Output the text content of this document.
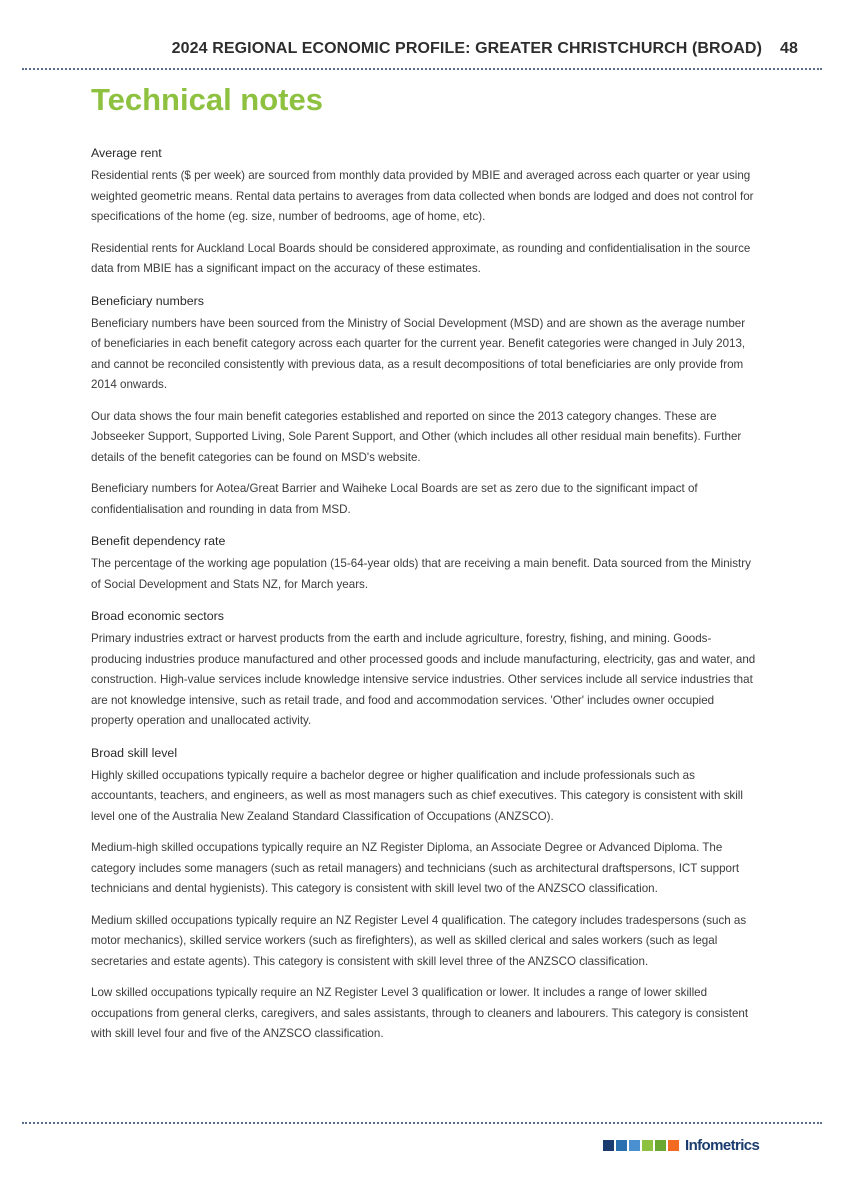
2024 REGIONAL ECONOMIC PROFILE: GREATER CHRISTCHURCH (BROAD) 48
Technical notes
Average rent

Residential rents ($ per week) are sourced from monthly data provided by MBIE and averaged across each quarter or year using weighted geometric means. Rental data pertains to averages from data collected when bonds are lodged and does not control for specifications of the home (eg. size, number of bedrooms, age of home, etc).

Residential rents for Auckland Local Boards should be considered approximate, as rounding and confidentialisation in the source data from MBIE has a significant impact on the accuracy of these estimates.

Beneficiary numbers

Beneficiary numbers have been sourced from the Ministry of Social Development (MSD) and are shown as the average number of beneficiaries in each benefit category across each quarter for the current year. Benefit categories were changed in July 2013, and cannot be reconciled consistently with previous data, as a result decompositions of total beneficiaries are only provide from 2014 onwards.

Our data shows the four main benefit categories established and reported on since the 2013 category changes. These are Jobseeker Support, Supported Living, Sole Parent Support, and Other (which includes all other residual main benefits). Further details of the benefit categories can be found on MSD's website.

Beneficiary numbers for Aotea/Great Barrier and Waiheke Local Boards are set as zero due to the significant impact of confidentialisation and rounding in data from MSD.

Benefit dependency rate

The percentage of the working age population (15-64-year olds) that are receiving a main benefit. Data sourced from the Ministry of Social Development and Stats NZ, for March years.

Broad economic sectors

Primary industries extract or harvest products from the earth and include agriculture, forestry, fishing, and mining. Goods-producing industries produce manufactured and other processed goods and include manufacturing, electricity, gas and water, and construction. High-value services include knowledge intensive service industries. Other services include all service industries that are not knowledge intensive, such as retail trade, and food and accommodation services. 'Other' includes owner occupied property operation and unallocated activity.

Broad skill level

Highly skilled occupations typically require a bachelor degree or higher qualification and include professionals such as accountants, teachers, and engineers, as well as most managers such as chief executives. This category is consistent with skill level one of the Australia New Zealand Standard Classification of Occupations (ANZSCO).

Medium-high skilled occupations typically require an NZ Register Diploma, an Associate Degree or Advanced Diploma. The category includes some managers (such as retail managers) and technicians (such as architectural draftspersons, ICT support technicians and dental hygienists). This category is consistent with skill level two of the ANZSCO classification.

Medium skilled occupations typically require an NZ Register Level 4 qualification. The category includes tradespersons (such as motor mechanics), skilled service workers (such as firefighters), as well as skilled clerical and sales workers (such as legal secretaries and estate agents). This category is consistent with skill level three of the ANZSCO classification.

Low skilled occupations typically require an NZ Register Level 3 qualification or lower. It includes a range of lower skilled occupations from general clerks, caregivers, and sales assistants, through to cleaners and labourers. This category is consistent with skill level four and five of the ANZSCO classification.

Infometrics
